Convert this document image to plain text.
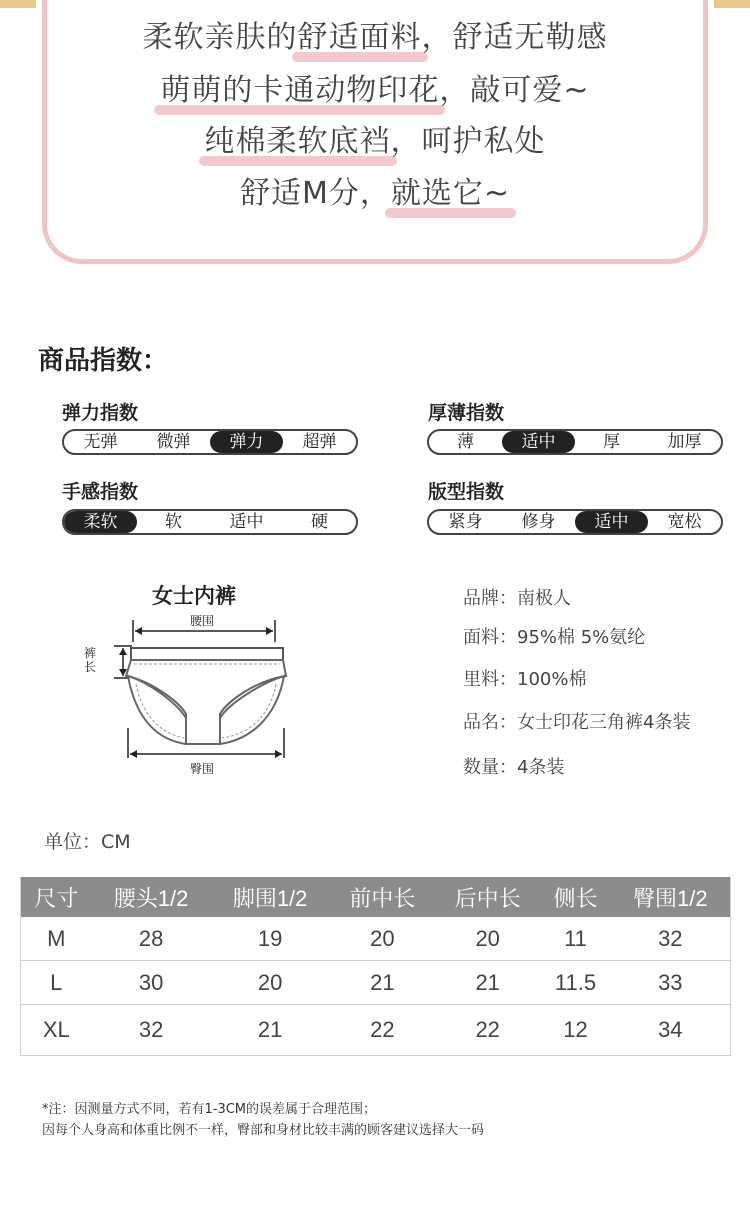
柔软亲肤的舒适面料，舒适无勒感
萌萌的卡通动物印花，敲可爱~
纯棉柔软底裆，呵护私处
舒适M分，就选它~
商品指数：
弹力指数
无弹	微弹	弹力	超弹
厚薄指数
薄	适中	厚	加厚
手感指数
柔软	软	适中	硬
版型指数
紧身	修身	适中	宽松
女士内裤
腰围
裤长
臀围
品牌：南极人
面料：95%棉 5%氨纶
里料：100%棉
品名：女士印花三角裤4条装
数量：4条装
单位：CM
尺寸	腰头1/2	脚围1/2	前中长	后中长	侧长	臀围1/2
M	28	19	20	20	11	32
L	30	20	21	21	11.5	33
XL	32	21	22	22	12	34
*注：因测量方式不同，若有1-3CM的误差属于合理范围；
因每个人身高和体重比例不一样，臀部和身材比较丰满的顾客建议选择大一码
